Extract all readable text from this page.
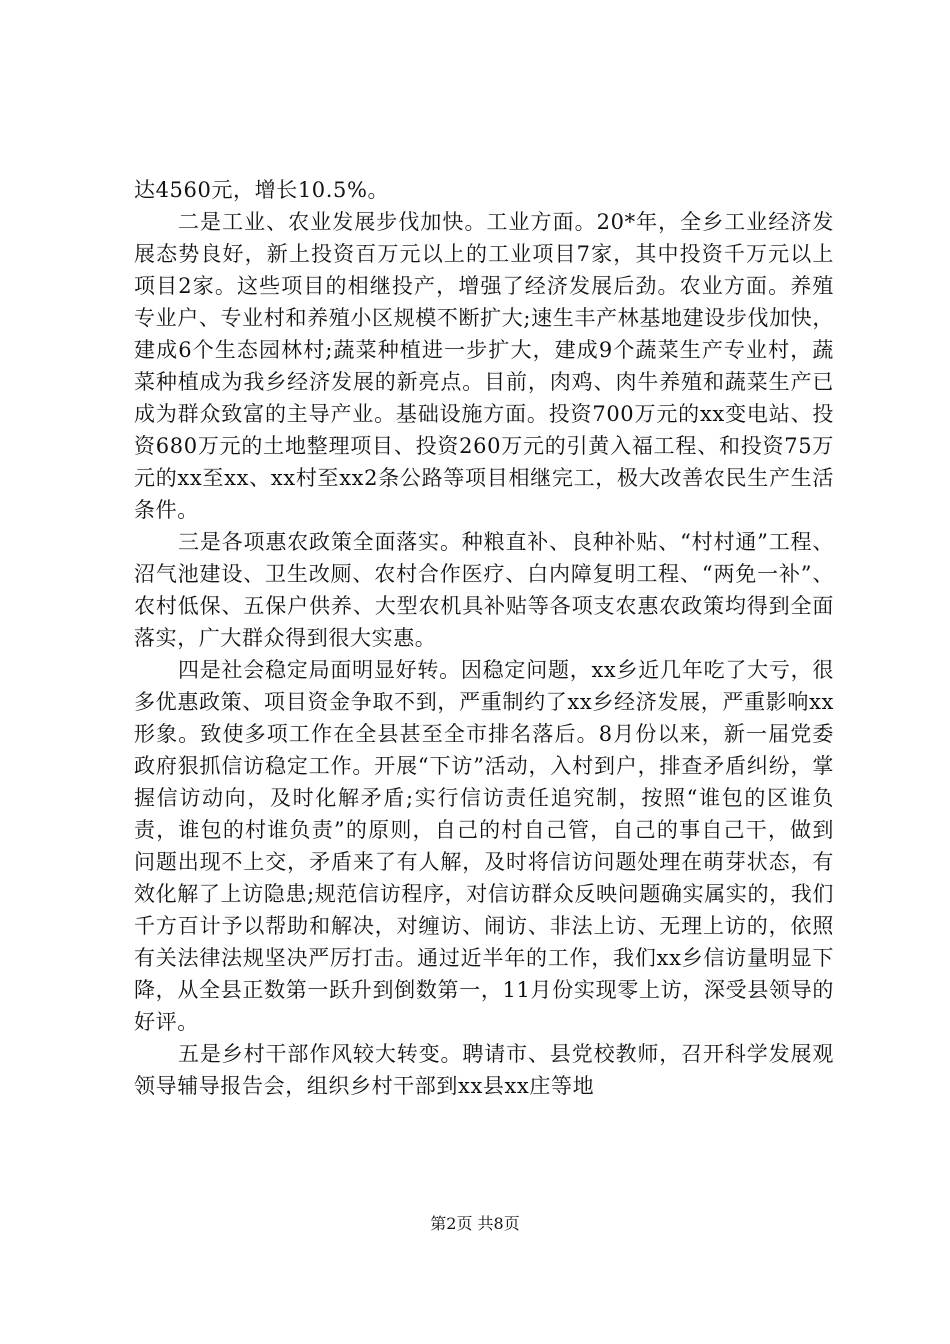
达4560元，增长10.5%。

二是工业、农业发展步伐加快。工业方面。20*年，全乡工业经济发展态势良好，新上投资百万元以上的工业项目7家，其中投资千万元以上项目2家。这些项目的相继投产，增强了经济发展后劲。农业方面。养殖专业户、专业村和养殖小区规模不断扩大;速生丰产林基地建设步伐加快，建成6个生态园林村;蔬菜种植进一步扩大，建成9个蔬菜生产专业村，蔬菜种植成为我乡经济发展的新亮点。目前，肉鸡、肉牛养殖和蔬菜生产已成为群众致富的主导产业。基础设施方面。投资700万元的xx变电站、投资680万元的土地整理项目、投资260万元的引黄入福工程、和投资75万元的xx至xx、xx村至xx2条公路等项目相继完工，极大改善农民生产生活条件。

三是各项惠农政策全面落实。种粮直补、良种补贴、“村村通”工程、沼气池建设、卫生改厕、农村合作医疗、白内障复明工程、“两免一补”、农村低保、五保户供养、大型农机具补贴等各项支农惠农政策均得到全面落实，广大群众得到很大实惠。

四是社会稳定局面明显好转。因稳定问题，xx乡近几年吃了大亏，很多优惠政策、项目资金争取不到，严重制约了xx乡经济发展，严重影响xx形象。致使多项工作在全县甚至全市排名落后。8月份以来，新一届党委政府狠抓信访稳定工作。开展“下访”活动，入村到户，排查矛盾纠纷，掌握信访动向，及时化解矛盾;实行信访责任追究制，按照“谁包的区谁负责，谁包的村谁负责”的原则，自己的村自己管，自己的事自己干，做到问题出现不上交，矛盾来了有人解，及时将信访问题处理在萌芽状态，有效化解了上访隐患;规范信访程序，对信访群众反映问题确实属实的，我们千方百计予以帮助和解决，对缠访、闹访、非法上访、无理上访的，依照有关法律法规坚决严厉打击。通过近半年的工作，我们xx乡信访量明显下降，从全县正数第一跃升到倒数第一，11月份实现零上访，深受县领导的好评。

五是乡村干部作风较大转变。聘请市、县党校教师，召开科学发展观领导辅导报告会，组织乡村干部到xx县xx庄等地

第2页 共8页
